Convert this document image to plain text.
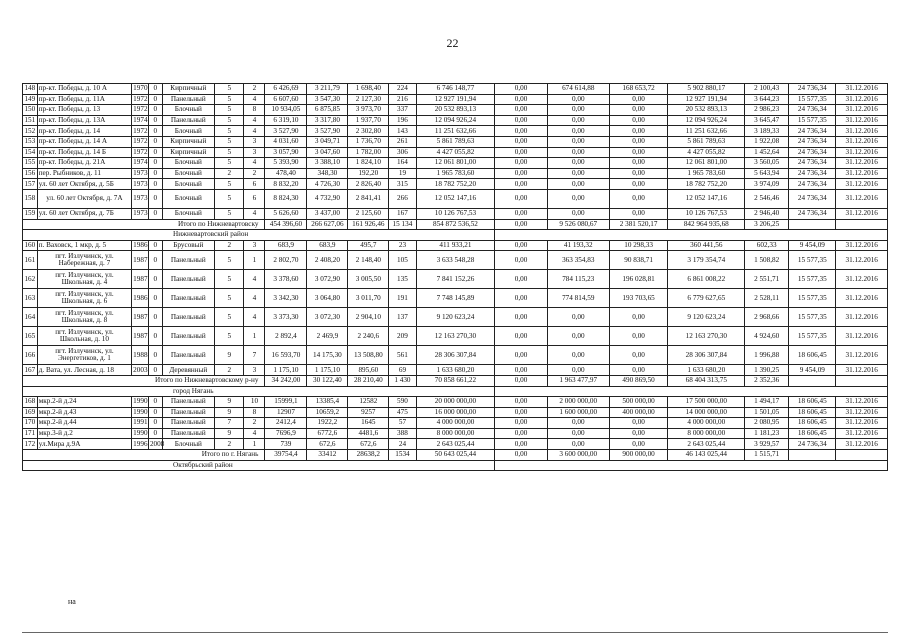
22
148	пр-кт. Победы, д. 10 А	1970	0	Кирпичный	5	2	6 426,69	3 211,79	1 698,40	224	6 746 148,77	0,00	674 614,88	168 653,72	5 902 880,17	2 100,43	24 736,34	31.12.2016
149	пр-кт. Победы, д. 11А	1972	0	Панельный	5	4	6 607,60	3 547,30	2 127,30	216	12 927 191,94	0,00	0,00	0,00	12 927 191,94	3 644,23	15 577,35	31.12.2016
150	пр-кт. Победы, д. 13	1972	0	Блочный	5	8	10 934,05	6 875,85	3 973,70	337	20 532 893,13	0,00	0,00	0,00	20 532 893,13	2 986,23	24 736,34	31.12.2016
151	пр-кт. Победы, д. 13А	1974	0	Панельный	5	4	6 319,10	3 317,80	1 937,70	196	12 094 926,24	0,00	0,00	0,00	12 094 926,24	3 645,47	15 577,35	31.12.2016
152	пр-кт. Победы, д. 14	1972	0	Блочный	5	4	3 527,90	3 527,90	2 302,80	143	11 251 632,66	0,00	0,00	0,00	11 251 632,66	3 189,33	24 736,34	31.12.2016
153	пр-кт. Победы, д. 14 А	1972	0	Кирпичный	5	3	4 031,60	3 049,71	1 736,70	261	5 861 789,63	0,00	0,00	0,00	5 861 789,63	1 922,08	24 736,34	31.12.2016
154	пр-кт. Победы, д. 14 Б	1972	0	Кирпичный	5	3	3 057,90	3 047,60	1 782,00	306	4 427 055,82	0,00	0,00	0,00	4 427 055,82	1 452,64	24 736,34	31.12.2016
155	пр-кт. Победы, д. 21А	1974	0	Блочный	5	4	5 393,90	3 388,10	1 824,10	164	12 061 801,00	0,00	0,00	0,00	12 061 801,00	3 560,05	24 736,34	31.12.2016
156	пер. Рыбников, д. 11	1973	0	Блочный	2	2	478,40	348,30	192,20	19	1 965 783,60	0,00	0,00	0,00	1 965 783,60	5 643,94	24 736,34	31.12.2016
157	ул. 60 лет Октября, д. 5Б	1973	0	Блочный	5	6	8 832,20	4 726,30	2 826,40	315	18 782 752,20	0,00	0,00	0,00	18 782 752,20	3 974,09	24 736,34	31.12.2016
158	ул. 60 лет Октября, д. 7А	1973	0	Блочный	5	6	8 824,30	4 732,90	2 841,41	266	12 052 147,16	0,00	0,00	0,00	12 052 147,16	2 546,46	24 736,34	31.12.2016
159	ул. 60 лет Октября, д. 7Б	1973	0	Блочный	5	4	5 626,60	3 437,00	2 125,60	167	10 126 767,53	0,00	0,00	0,00	10 126 767,53	2 946,40	24 736,34	31.12.2016
Итого по Нижневартовску							454 396,60	266 627,06	161 926,46	15 134	854 872 536,52	0,00	9 526 080,67	2 381 520,17	842 964 935,68	3 206,25		
Нижневартовский район																		
160	п. Ваховск, 1 мкр, д. 5	1986	0	Брусовый	2	3	683,9	683,9	495,7	23	411 933,21	0,00	41 193,32	10 298,33	360 441,56	602,33	9 454,09	31.12.2016
161	пгт. Излучинск, ул. Набережная, д. 7	1987	0	Панельный	5	1	2 802,70	2 408,20	2 148,40	105	3 633 548,28	0,00	363 354,83	90 838,71	3 179 354,74	1 508,82	15 577,35	31.12.2016
162	пгт. Излучинск, ул. Школьная, д. 4	1987	0	Панельный	5	4	3 378,60	3 072,90	3 005,50	135	7 841 152,26	0,00	784 115,23	196 028,81	6 861 008,22	2 551,71	15 577,35	31.12.2016
163	пгт. Излучинск, ул. Школьная, д. 6	1986	0	Панельный	5	4	3 342,30	3 064,80	3 011,70	191	7 748 145,89	0,00	774 814,59	193 703,65	6 779 627,65	2 528,11	15 577,35	31.12.2016
164	пгт. Излучинск, ул. Школьная, д. 8	1987	0	Панельный	5	4	3 373,30	3 072,30	2 904,10	137	9 120 623,24	0,00	0,00	0,00	9 120 623,24	2 968,66	15 577,35	31.12.2016
165	пгт. Излучинск, ул. Школьная, д. 10	1987	0	Панельный	5	1	2 892,4	2 469,9	2 240,6	209	12 163 270,30	0,00	0,00	0,00	12 163 270,30	4 924,60	15 577,35	31.12.2016
166	пгт. Излучинск, ул. Энергетиков, д. 1	1988	0	Панельный	9	7	16 593,70	14 175,30	13 508,80	561	28 306 307,84	0,00	0,00	0,00	28 306 307,84	1 996,88	18 606,45	31.12.2016
167	д. Вата, ул. Лесная, д. 18	2003	0	Деревянный	2	3	1 175,10	1 175,10	895,60	69	1 633 680,20	0,00	0,00	0,00	1 633 680,20	1 390,25	9 454,09	31.12.2016
Итого по Нижневартовскому р-ну							34 242,00	30 122,40	28 210,40	1 430	70 858 661,22	0,00	1 963 477,97	490 869,50	68 404 313,75	2 352,36		
город Нягань																		
168	мкр.2-й д.24	1990	0	Панельный	9	10	15999,1	13385,4	12582	590	20 000 000,00	0,00	2 000 000,00	500 000,00	17 500 000,00	1 494,17	18 606,45	31.12.2016
169	мкр.2-й д.43	1990	0	Панельный	9	8	12907	10659,2	9257	475	16 000 000,00	0,00	1 600 000,00	400 000,00	14 000 000,00	1 501,05	18 606,45	31.12.2016
170	мкр.2-й д.44	1991	0	Панельный	7	2	2412,4	1922,2	1645	57	4 000 000,00	0,00	0,00	0,00	4 000 000,00	2 080,95	18 606,45	31.12.2016
171	мкр.3-й д.2	1990	0	Панельный	9	4	7696,9	6772,6	4481,6	388	8 000 000,00	0,00	0,00	0,00	8 000 000,00	1 181,23	18 606,45	31.12.2016
172	ул.Мира д.9А	1996	2008	Блочный	2	1	739	672,6	672,6	24	2 643 025,44	0,00	0,00	0,00	2 643 025,44	3 929,57	24 736,34	31.12.2016
Итого по г. Нягань							39754,4	33412	28638,2	1534	50 643 025,44	0,00	3 600 000,00	900 000,00	46 143 025,44	1 515,71		
Октябрьский район																		
на
